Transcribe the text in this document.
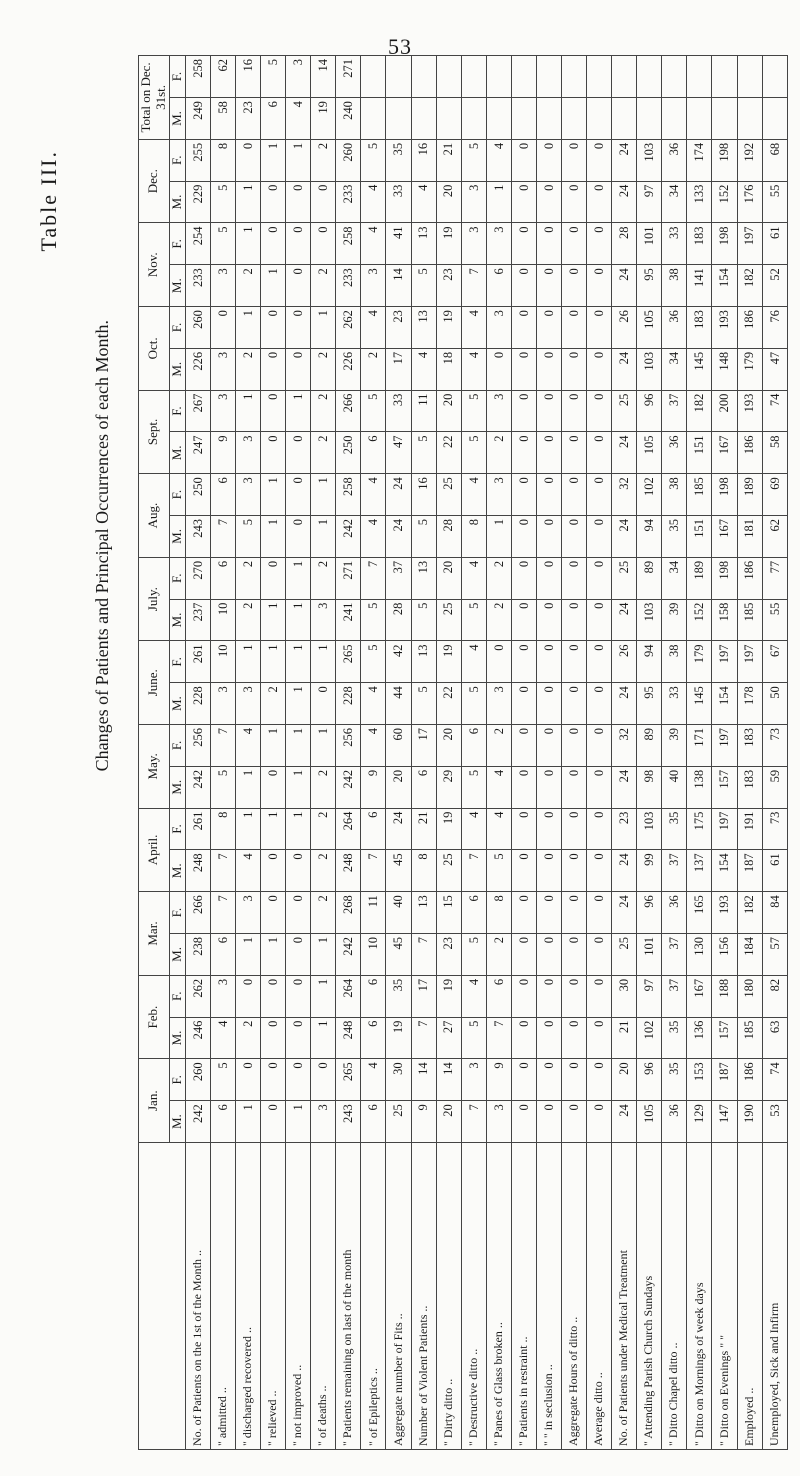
53
Table III.
Changes of Patients and Principal Occurrences of each Month.
	Jan.		Feb.		Mar.		April.		May.		June.		July.		Aug.		Sept.		Oct.		Nov.		Dec.		Total on Dec. 31st.	
	M.	F.	M.	F.	M.	F.	M.	F.	M.	F.	M.	F.	M.	F.	M.	F.	M.	F.	M.	F.	M.	F.	M.	F.	M.	F.
No. of Patients on the 1st of the Month ..	242	260	246	262	238	266	248	261	242	256	228	261	237	270	243	250	247	267	226	260	233	254	229	255	249	258
" admitted ..	6	5	4	3	6	7	7	8	5	7	3	10	10	6	7	6	9	3	3	0	3	5	5	8	58	62
" discharged recovered ..	1	0	2	0	1	3	4	1	1	4	3	1	2	2	5	3	3	1	2	1	2	1	1	0	23	16
" relieved ..	0	0	0	0	1	0	0	1	0	1	2	1	1	0	1	1	0	0	0	0	1	0	0	1	6	5
" not improved ..	1	0	0	0	0	0	0	1	1	1	1	1	1	1	0	0	0	1	0	0	0	0	0	1	4	3
" of deaths ..	3	0	1	1	1	2	2	2	2	1	0	1	3	2	1	1	2	2	2	1	2	0	0	2	19	14
" Patients remaining on last of the month	243	265	248	264	242	268	248	264	242	256	228	265	241	271	242	258	250	266	226	262	233	258	233	260	240	271
" of Epileptics ..	6	4	6	6	10	11	7	6	9	4	4	5	5	7	4	4	6	5	2	4	3	4	4	5		
Aggregate number of Fits ..	25	30	19	35	45	40	45	24	20	60	44	42	28	37	24	24	47	33	17	23	14	41	33	35		
Number of Violent Patients ..	9	14	7	17	7	13	8	21	6	17	5	13	5	13	5	16	5	11	4	13	5	13	4	16		
" Dirty ditto ..	20	14	27	19	23	15	25	19	29	20	22	19	25	20	28	25	22	20	18	19	23	19	20	21		
" Destructive ditto ..	7	3	5	4	5	6	7	4	5	6	5	4	5	4	8	4	5	5	4	4	7	3	3	5		
" Panes of Glass broken ..	3	9	7	6	2	8	5	4	4	2	3	0	2	2	1	3	2	3	0	3	6	3	1	4		
" Patients in restraint ..	0	0	0	0	0	0	0	0	0	0	0	0	0	0	0	0	0	0	0	0	0	0	0	0		
" " in seclusion ..	0	0	0	0	0	0	0	0	0	0	0	0	0	0	0	0	0	0	0	0	0	0	0	0		
Aggregate Hours of ditto ..	0	0	0	0	0	0	0	0	0	0	0	0	0	0	0	0	0	0	0	0	0	0	0	0		
Average ditto ..	0	0	0	0	0	0	0	0	0	0	0	0	0	0	0	0	0	0	0	0	0	0	0	0		
No. of Patients under Medical Treatment	24	20	21	30	25	24	24	23	24	32	24	26	24	25	24	32	24	25	24	26	24	28	24	24		
" Attending Parish Church Sundays	105	96	102	97	101	96	99	103	98	89	95	94	103	89	94	102	105	96	103	105	95	101	97	103		
" Ditto Chapel ditto ..	36	35	35	37	37	36	37	35	40	39	33	38	39	34	35	38	36	37	34	36	38	33	34	36		
" Ditto on Mornings of week days	129	153	136	167	130	165	137	175	138	171	145	179	152	189	151	185	151	182	145	183	141	183	133	174		
" Ditto on Evenings " "	147	187	157	188	156	193	154	197	157	197	154	197	158	198	167	198	167	200	148	193	154	198	152	198		
Employed ..	190	186	185	180	184	182	187	191	183	183	178	197	185	186	181	189	186	193	179	186	182	197	176	192		
Unemployed, Sick and Infirm	53	74	63	82	57	84	61	73	59	73	50	67	55	77	62	69	58	74	47	76	52	61	55	68		
